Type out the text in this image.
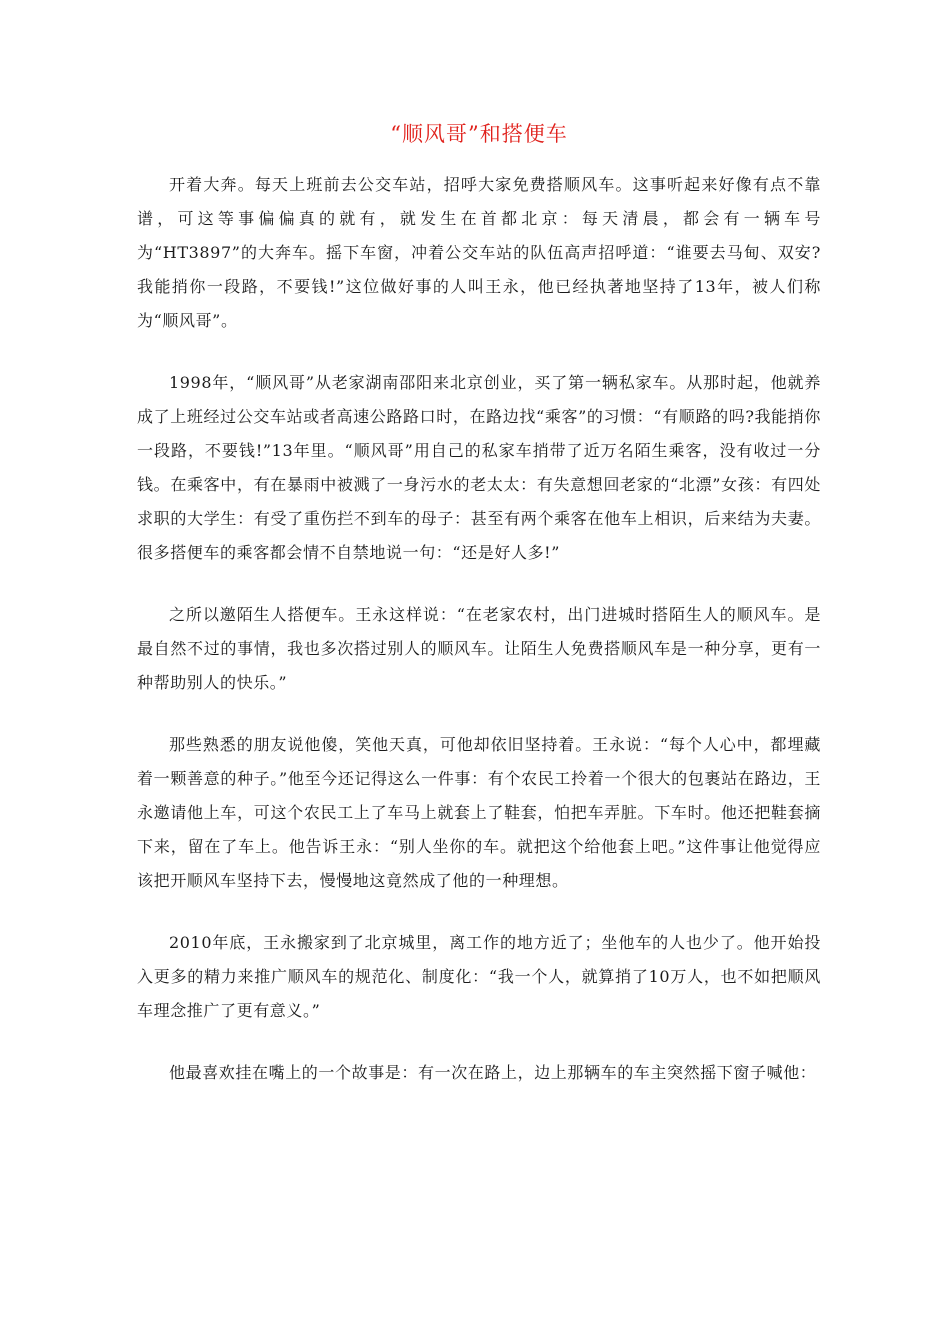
“顺风哥”和搭便车

开着大奔。每天上班前去公交车站，招呼大家免费搭顺风车。这事听起来好像有点不靠谱，可这等事偏偏真的就有，就发生在首都北京：每天清晨，都会有一辆车号为“HT3897”的大奔车。摇下车窗，冲着公交车站的队伍高声招呼道：“谁要去马甸、双安?我能捎你一段路，不要钱!”这位做好事的人叫王永，他已经执著地坚持了13年，被人们称为“顺风哥”。

1998年，“顺风哥”从老家湖南邵阳来北京创业，买了第一辆私家车。从那时起，他就养成了上班经过公交车站或者高速公路路口时，在路边找“乘客”的习惯：“有顺路的吗?我能捎你一段路，不要钱!”13年里。“顺风哥”用自己的私家车捎带了近万名陌生乘客，没有收过一分钱。在乘客中，有在暴雨中被溅了一身污水的老太太：有失意想回老家的“北漂”女孩：有四处求职的大学生：有受了重伤拦不到车的母子：甚至有两个乘客在他车上相识，后来结为夫妻。很多搭便车的乘客都会情不自禁地说一句：“还是好人多!”

之所以邀陌生人搭便车。王永这样说：“在老家农村，出门进城时搭陌生人的顺风车。是最自然不过的事情，我也多次搭过别人的顺风车。让陌生人免费搭顺风车是一种分享，更有一种帮助别人的快乐。”

那些熟悉的朋友说他傻，笑他天真，可他却依旧坚持着。王永说：“每个人心中，都埋藏着一颗善意的种子。”他至今还记得这么一件事：有个农民工拎着一个很大的包裹站在路边，王永邀请他上车，可这个农民工上了车马上就套上了鞋套，怕把车弄脏。下车时。他还把鞋套摘下来，留在了车上。他告诉王永：“别人坐你的车。就把这个给他套上吧。”这件事让他觉得应该把开顺风车坚持下去，慢慢地这竟然成了他的一种理想。

2010年底，王永搬家到了北京城里，离工作的地方近了；坐他车的人也少了。他开始投入更多的精力来推广顺风车的规范化、制度化：“我一个人，就算捎了10万人，也不如把顺风车理念推广了更有意义。”

他最喜欢挂在嘴上的一个故事是：有一次在路上，边上那辆车的车主突然摇下窗子喊他：
